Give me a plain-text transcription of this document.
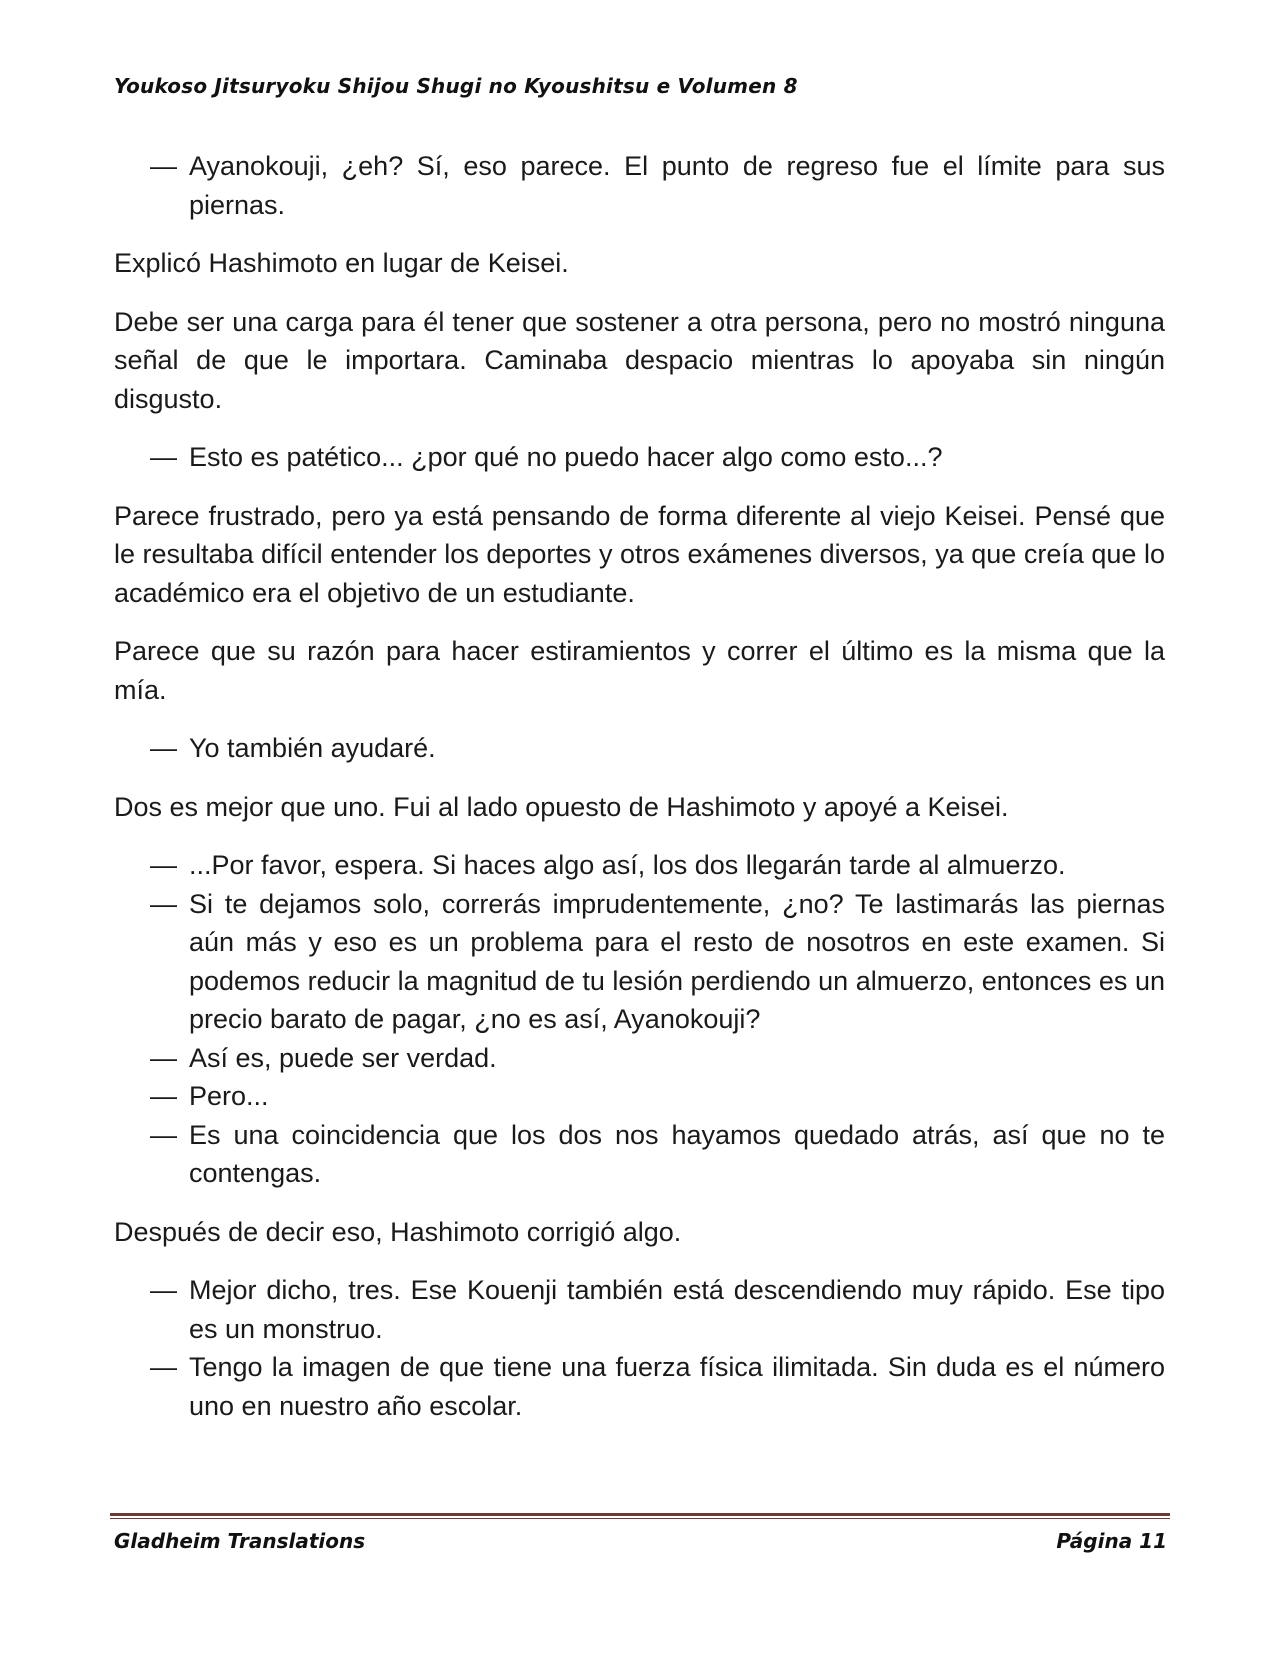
Youkoso Jitsuryoku Shijou Shugi no Kyoushitsu e Volumen 8
— Ayanokouji, ¿eh? Sí, eso parece. El punto de regreso fue el límite para sus piernas.

Explicó Hashimoto en lugar de Keisei.

Debe ser una carga para él tener que sostener a otra persona, pero no mostró ninguna señal de que le importara. Caminaba despacio mientras lo apoyaba sin ningún disgusto.

— Esto es patético... ¿por qué no puedo hacer algo como esto...?

Parece frustrado, pero ya está pensando de forma diferente al viejo Keisei. Pensé que le resultaba difícil entender los deportes y otros exámenes diversos, ya que creía que lo académico era el objetivo de un estudiante.

Parece que su razón para hacer estiramientos y correr el último es la misma que la mía.

— Yo también ayudaré.

Dos es mejor que uno. Fui al lado opuesto de Hashimoto y apoyé a Keisei.

— ...Por favor, espera. Si haces algo así, los dos llegarán tarde al almuerzo.
— Si te dejamos solo, correrás imprudentemente, ¿no? Te lastimarás las piernas aún más y eso es un problema para el resto de nosotros en este examen. Si podemos reducir la magnitud de tu lesión perdiendo un almuerzo, entonces es un precio barato de pagar, ¿no es así, Ayanokouji?
— Así es, puede ser verdad.
— Pero...
— Es una coincidencia que los dos nos hayamos quedado atrás, así que no te contengas.

Después de decir eso, Hashimoto corrigió algo.

— Mejor dicho, tres. Ese Kouenji también está descendiendo muy rápido. Ese tipo es un monstruo.
— Tengo la imagen de que tiene una fuerza física ilimitada. Sin duda es el número uno en nuestro año escolar.
Gladheim Translations	Página 11
